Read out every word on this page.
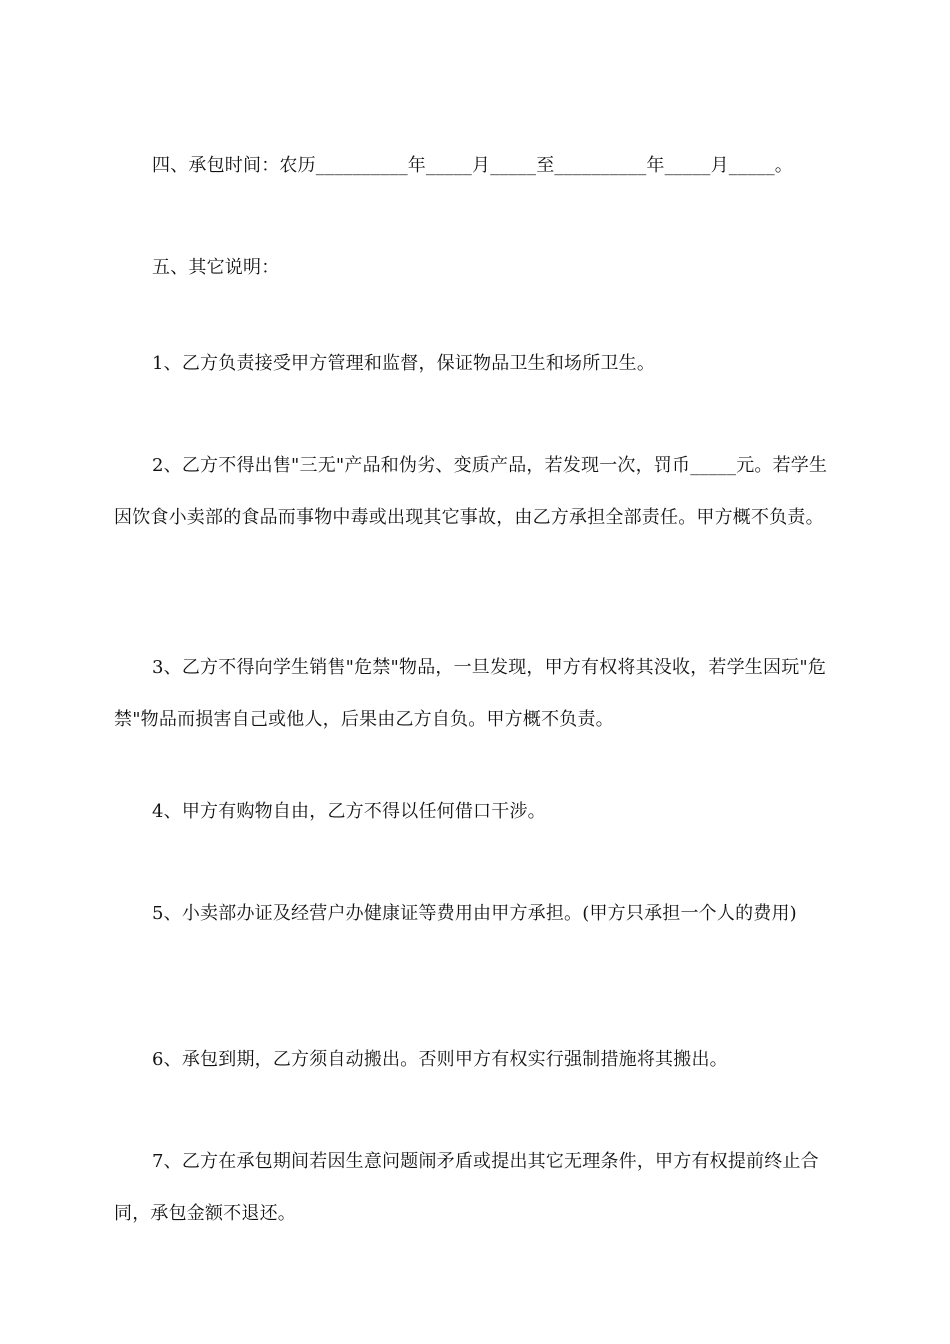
四、承包时间：农历__________年_____月_____至__________年_____月_____。

五、其它说明：

1、乙方负责接受甲方管理和监督，保证物品卫生和场所卫生。

2、乙方不得出售"三无"产品和伪劣、变质产品，若发现一次，罚币_____元。若学生因饮食小卖部的食品而事物中毒或出现其它事故，由乙方承担全部责任。甲方概不负责。

3、乙方不得向学生销售"危禁"物品，一旦发现，甲方有权将其没收，若学生因玩"危禁"物品而损害自己或他人，后果由乙方自负。甲方概不负责。

4、甲方有购物自由，乙方不得以任何借口干涉。

5、小卖部办证及经营户办健康证等费用由甲方承担。(甲方只承担一个人的费用)

6、承包到期，乙方须自动搬出。否则甲方有权实行强制措施将其搬出。

7、乙方在承包期间若因生意问题闹矛盾或提出其它无理条件，甲方有权提前终止合同，承包金额不退还。
